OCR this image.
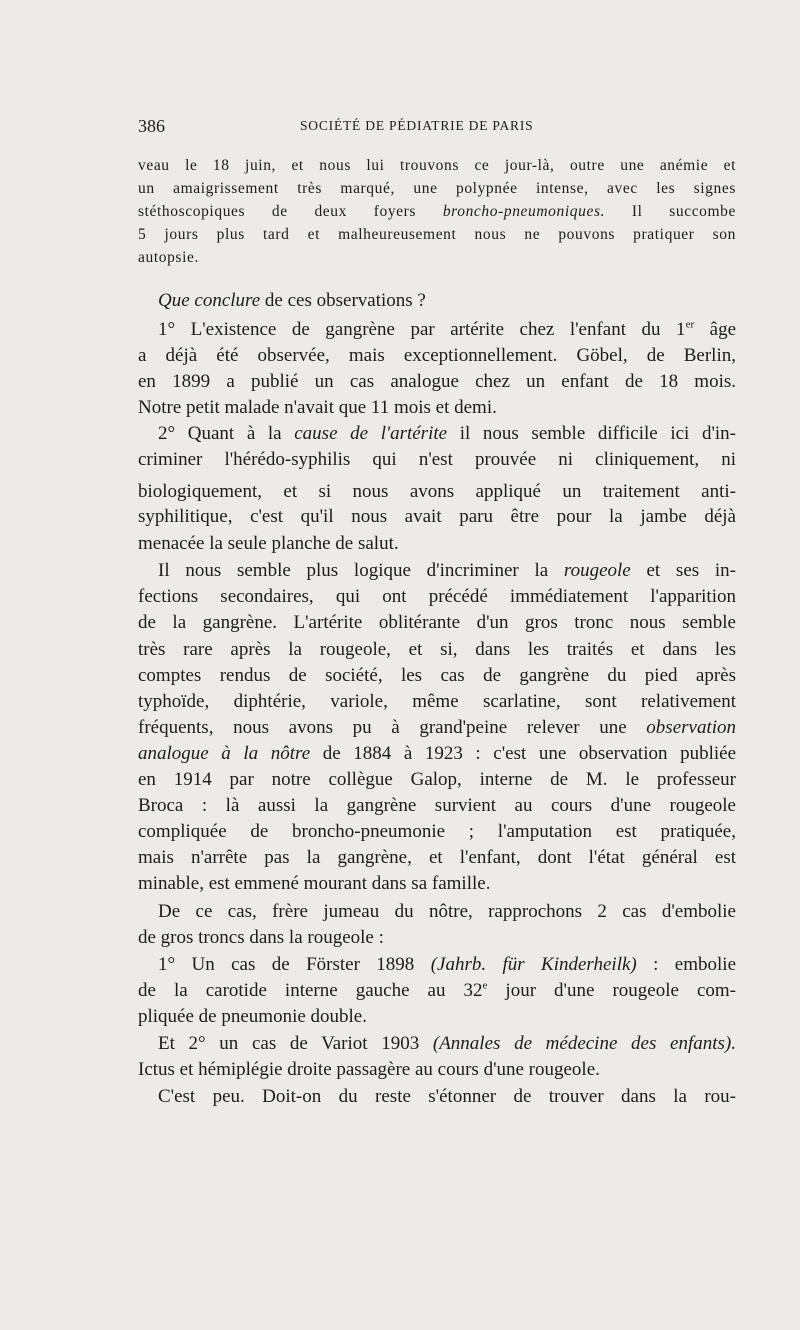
386	SOCIÉTÉ DE PÉDIATRIE DE PARIS
veau le 18 juin, et nous lui trouvons ce jour-là, outre une anémie et
un amaigrissement très marqué, une polypnée intense, avec les signes
stéthoscopiques de deux foyers broncho-pneumoniques. Il succombe
5 jours plus tard et malheureusement nous ne pouvons pratiquer son
autopsie.
Que conclure de ces observations ?
1° L'existence de gangrène par artérite chez l'enfant du 1er âge
a déjà été observée, mais exceptionnellement. Göbel, de Berlin,
en 1899 a publié un cas analogue chez un enfant de 18 mois.
Notre petit malade n'avait que 11 mois et demi.
2° Quant à la cause de l'artérite il nous semble difficile ici d'in-
criminer l'hérédo-syphilis qui n'est prouvée ni cliniquement, ni
biologiquement, et si nous avons appliqué un traitement anti-
syphilitique, c'est qu'il nous avait paru être pour la jambe déjà
menacée la seule planche de salut.
Il nous semble plus logique d'incriminer la rougeole et ses in-
fections secondaires, qui ont précédé immédiatement l'apparition
de la gangrène. L'artérite oblitérante d'un gros tronc nous semble
très rare après la rougeole, et si, dans les traités et dans les
comptes rendus de société, les cas de gangrène du pied après
typhoïde, diphtérie, variole, même scarlatine, sont relativement
fréquents, nous avons pu à grand'peine relever une observation
analogue à la nôtre de 1884 à 1923 : c'est une observation publiée
en 1914 par notre collègue Galop, interne de M. le professeur
Broca : là aussi la gangrène survient au cours d'une rougeole
compliquée de broncho-pneumonie ; l'amputation est pratiquée,
mais n'arrête pas la gangrène, et l'enfant, dont l'état général est
minable, est emmené mourant dans sa famille.
De ce cas, frère jumeau du nôtre, rapprochons 2 cas d'embolie
de gros troncs dans la rougeole :
1° Un cas de Förster 1898 (Jahrb. für Kinderheilk) : embolie
de la carotide interne gauche au 32e jour d'une rougeole com-
pliquée de pneumonie double.
Et 2° un cas de Variot 1903 (Annales de médecine des enfants).
Ictus et hémiplégie droite passagère au cours d'une rougeole.
C'est peu. Doit-on du reste s'étonner de trouver dans la rou-
